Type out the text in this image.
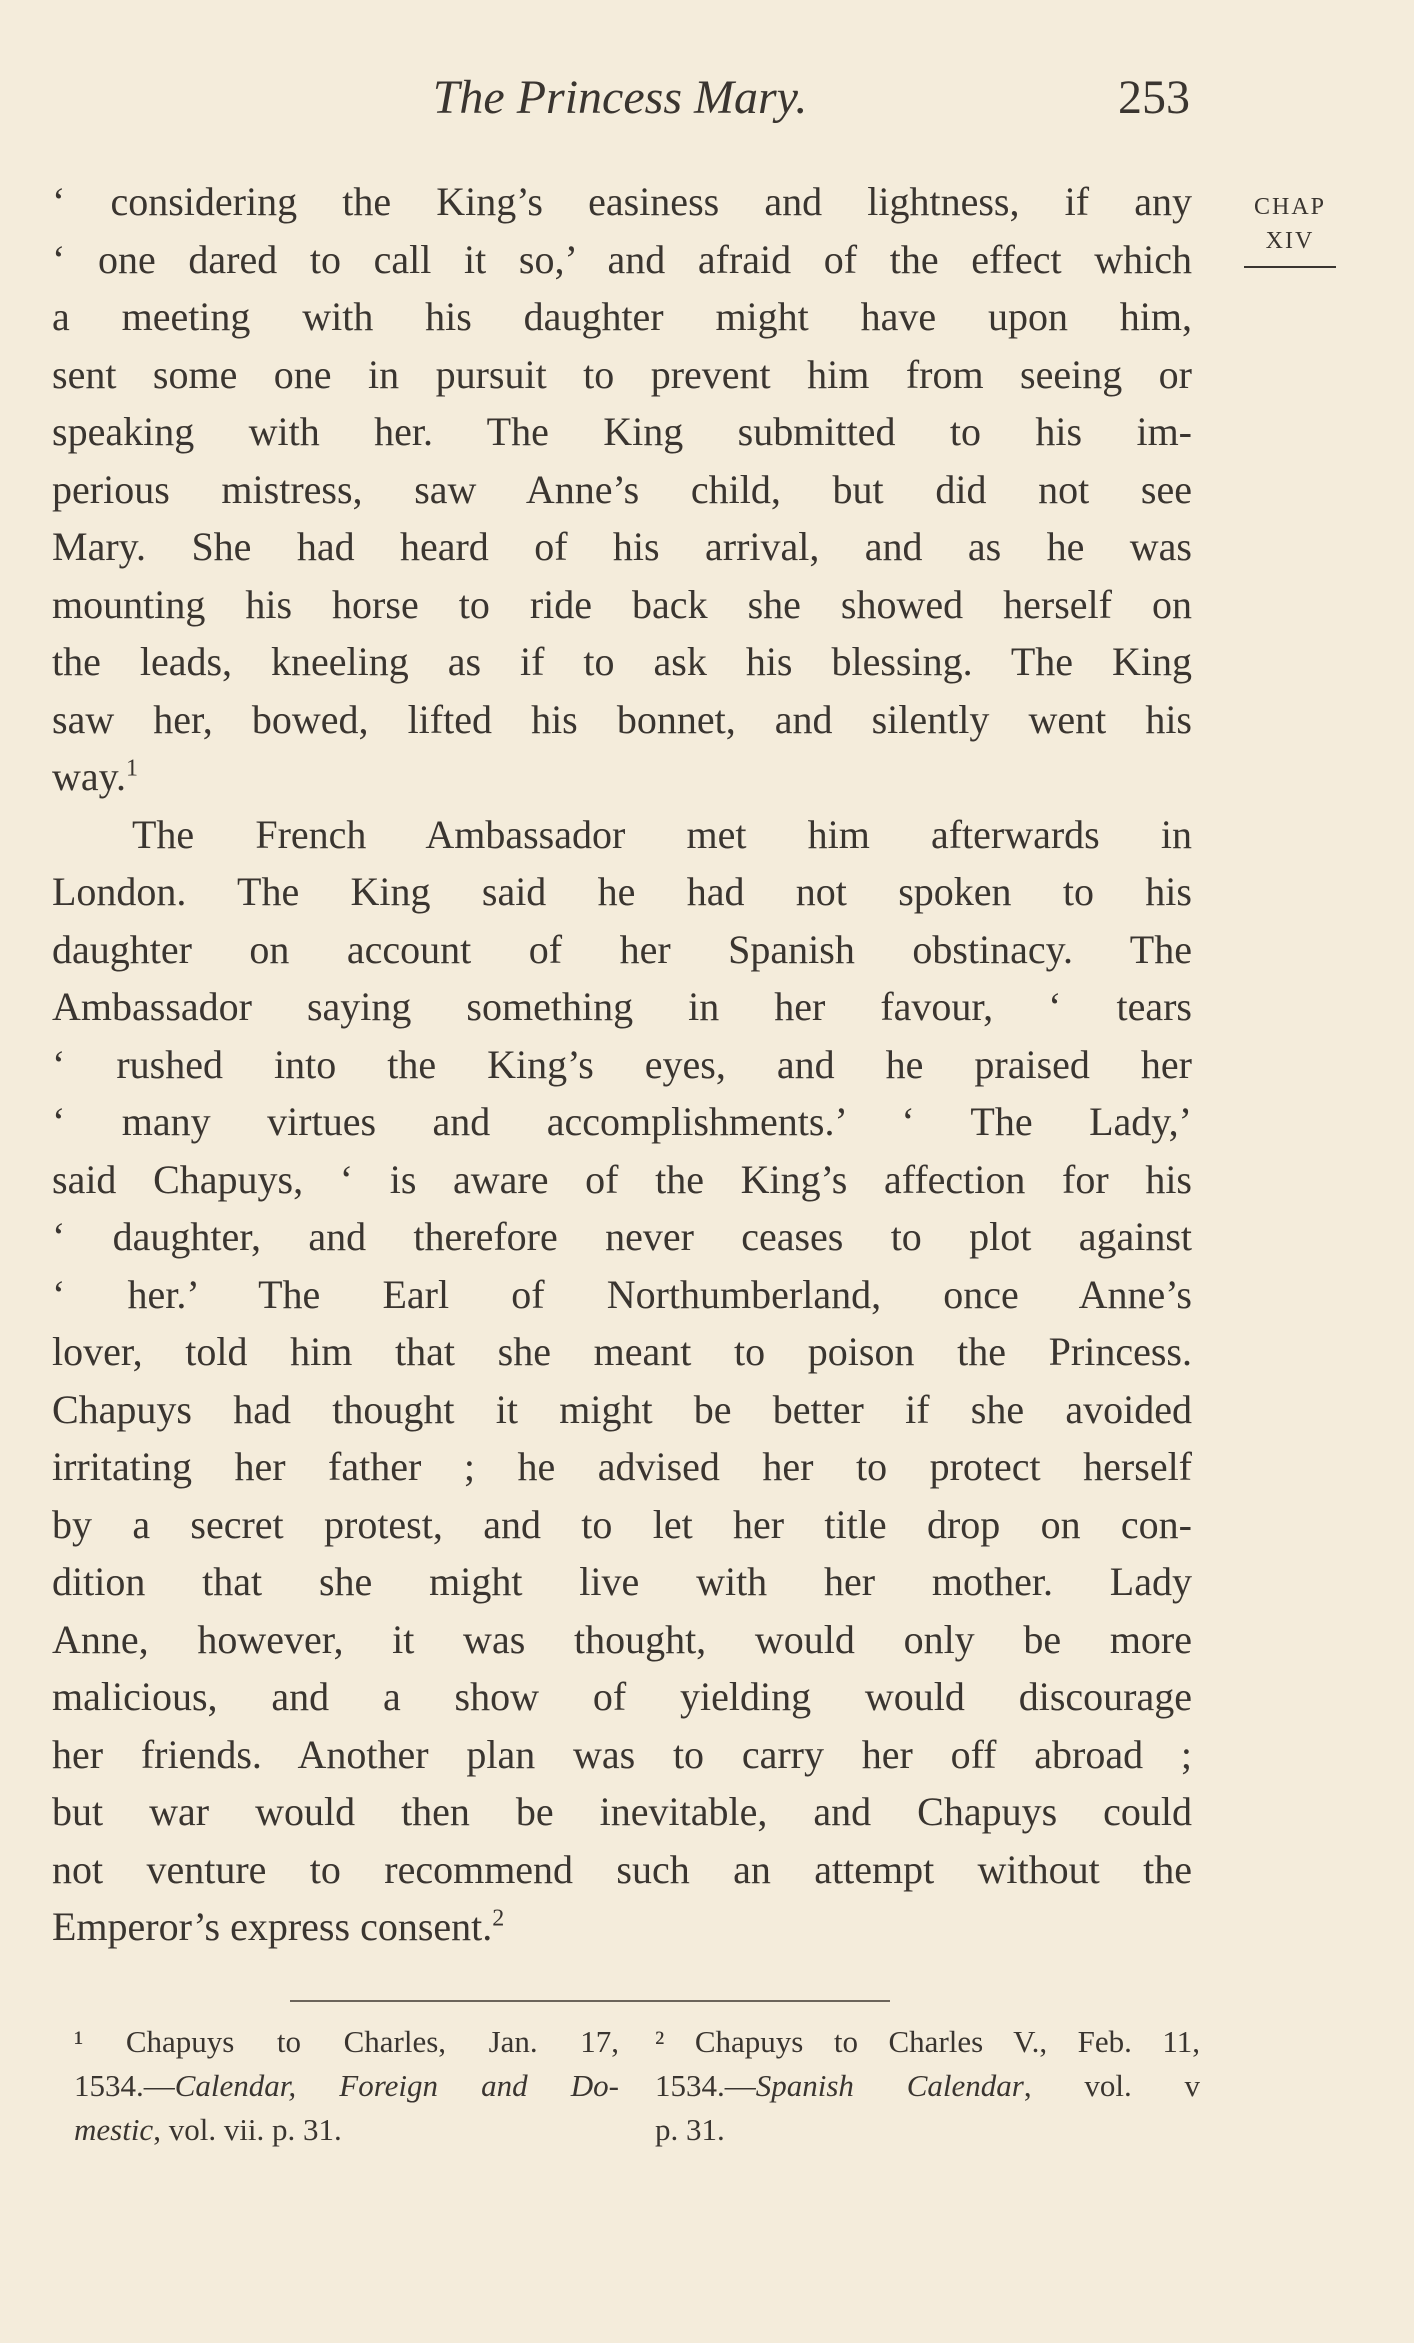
The Princess Mary.	253
CHAP
XIV
‘ considering the King’s easiness and lightness, if any
‘ one dared to call it so,’ and afraid of the effect which
a meeting with his daughter might have upon him,
sent some one in pursuit to prevent him from seeing or
speaking with her. The King submitted to his im-
perious mistress, saw Anne’s child, but did not see
Mary. She had heard of his arrival, and as he was
mounting his horse to ride back she showed herself on
the leads, kneeling as if to ask his blessing. The King
saw her, bowed, lifted his bonnet, and silently went his
way.$^1$
The French Ambassador met him afterwards in
London. The King said he had not spoken to his
daughter on account of her Spanish obstinacy. The
Ambassador saying something in her favour, ‘ tears
‘ rushed into the King’s eyes, and he praised her
‘ many virtues and accomplishments.’ ‘ The Lady,’
said Chapuys, ‘ is aware of the King’s affection for his
‘ daughter, and therefore never ceases to plot against
‘ her.’ The Earl of Northumberland, once Anne’s
lover, told him that she meant to poison the Princess.
Chapuys had thought it might be better if she avoided
irritating her father ; he advised her to protect herself
by a secret protest, and to let her title drop on con-
dition that she might live with her mother. Lady
Anne, however, it was thought, would only be more
malicious, and a show of yielding would discourage
her friends. Another plan was to carry her off abroad ;
but war would then be inevitable, and Chapuys could
not venture to recommend such an attempt without the
Emperor’s express consent.$^2$
¹ Chapuys to Charles, Jan. 17,
1534.—Calendar, Foreign and Do-
mestic, vol. vii. p. 31.
² Chapuys to Charles V., Feb. 11,
1534.—Spanish Calendar, vol. v
p. 31.
